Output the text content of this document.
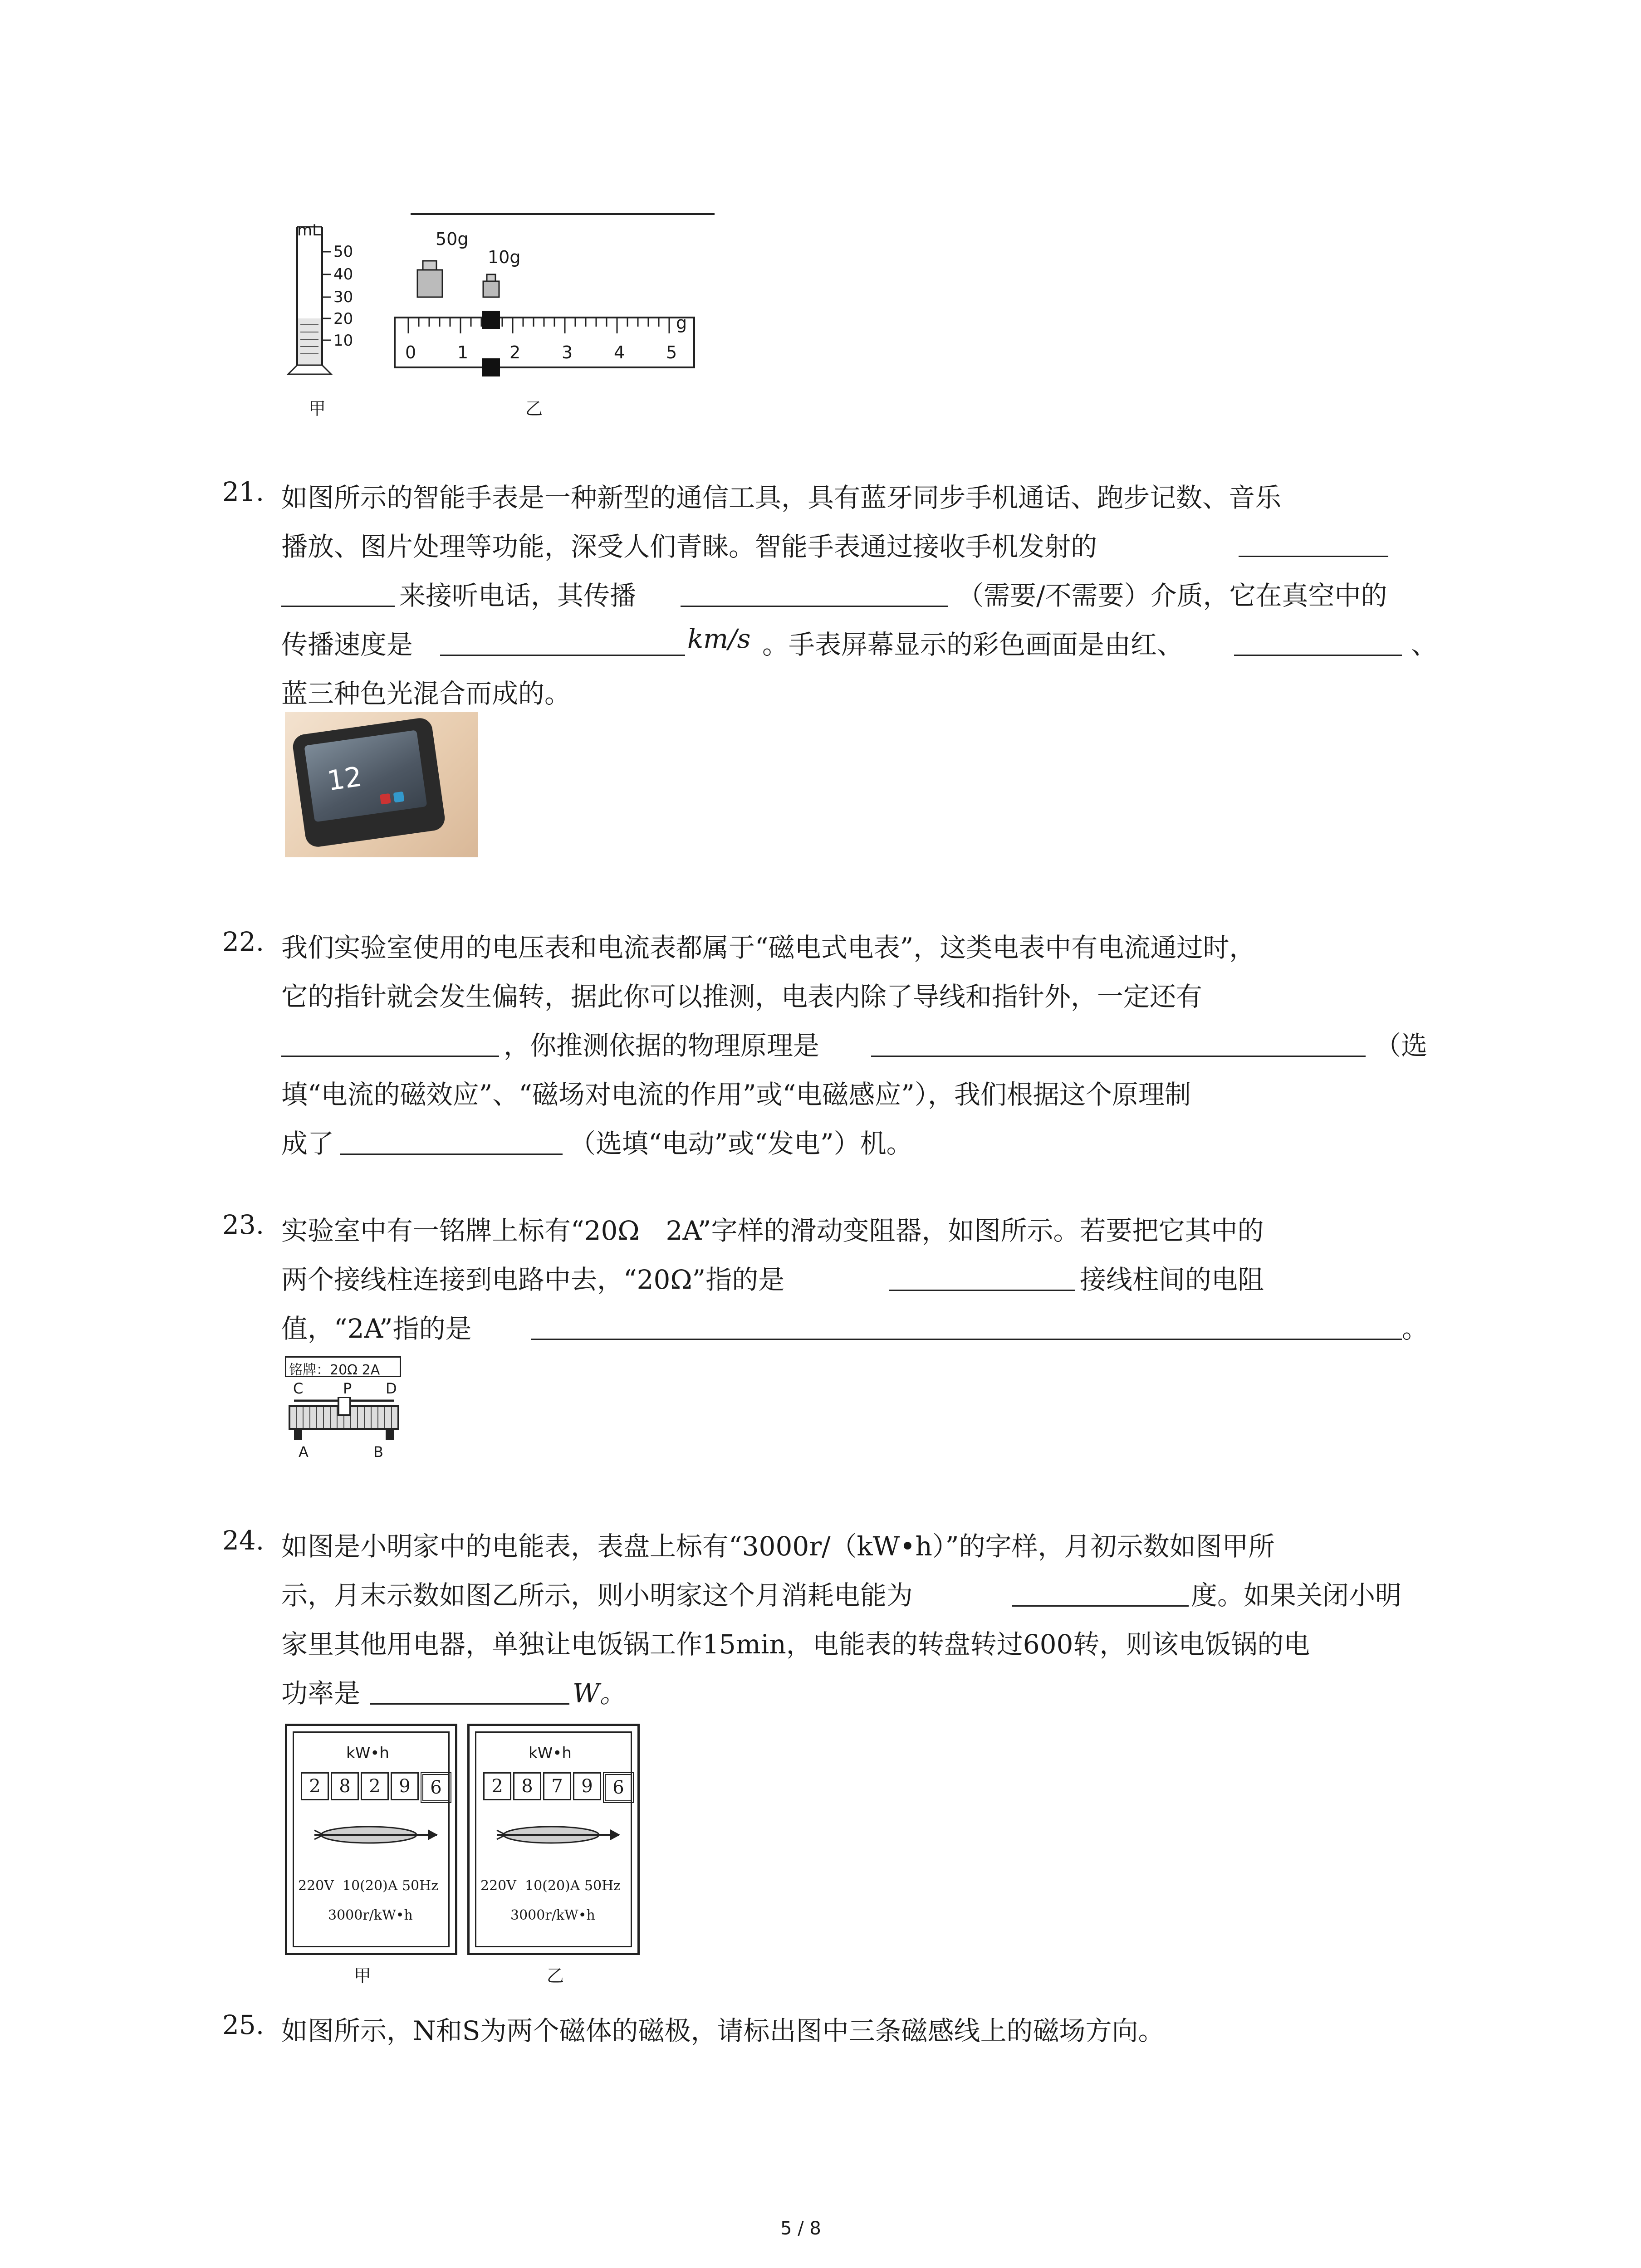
mL
50
40
30
20
10
甲
50g
10g
g
0 1 2 3 4 5
乙
21. 如图所示的智能手表是一种新型的通信工具，具有蓝牙同步手机通话、跑步记数、音乐
播放、图片处理等功能，深受人们青睐。智能手表通过接收手机发射的
来接听电话，其传播	（需要/不需要）介质，它在真空中的
传播速度是	km/s 。手表屏幕显示的彩色画面是由红、	、
蓝三种色光混合而成的。
12
22. 我们实验室使用的电压表和电流表都属于“磁电式电表”，这类电表中有电流通过时，
它的指针就会发生偏转，据此你可以推测，电表内除了导线和指针外，一定还有
，你推测依据的物理原理是	（选
填“电流的磁效应”、“磁场对电流的作用”或“电磁感应”），我们根据这个原理制
成了	（选填“电动”或“发电”）机。
23. 实验室中有一铭牌上标有“20Ω　2A”字样的滑动变阻器，如图所示。若要把它其中的
两个接线柱连接到电路中去，“20Ω”指的是	接线柱间的电阻
值，“2A”指的是	。
铭牌：20Ω 2A
C	P D
A	B
24. 如图是小明家中的电能表，表盘上标有“3000r/（kW•h）”的字样，月初示数如图甲所
示，月末示数如图乙所示，则小明家这个月消耗电能为	度。如果关闭小明
家里其他用电器，单独让电饭锅工作15min，电能表的转盘转过600转，则该电饭锅的电
功率是	W。
kW•h
2	8	2	9	6
220V  10(20)A 50Hz
3000r/kW•h
甲
kW•h
2	8	7	9	6
220V  10(20)A 50Hz
3000r/kW•h
乙
25. 如图所示，N和S为两个磁体的磁极，请标出图中三条磁感线上的磁场方向。
5 / 8
